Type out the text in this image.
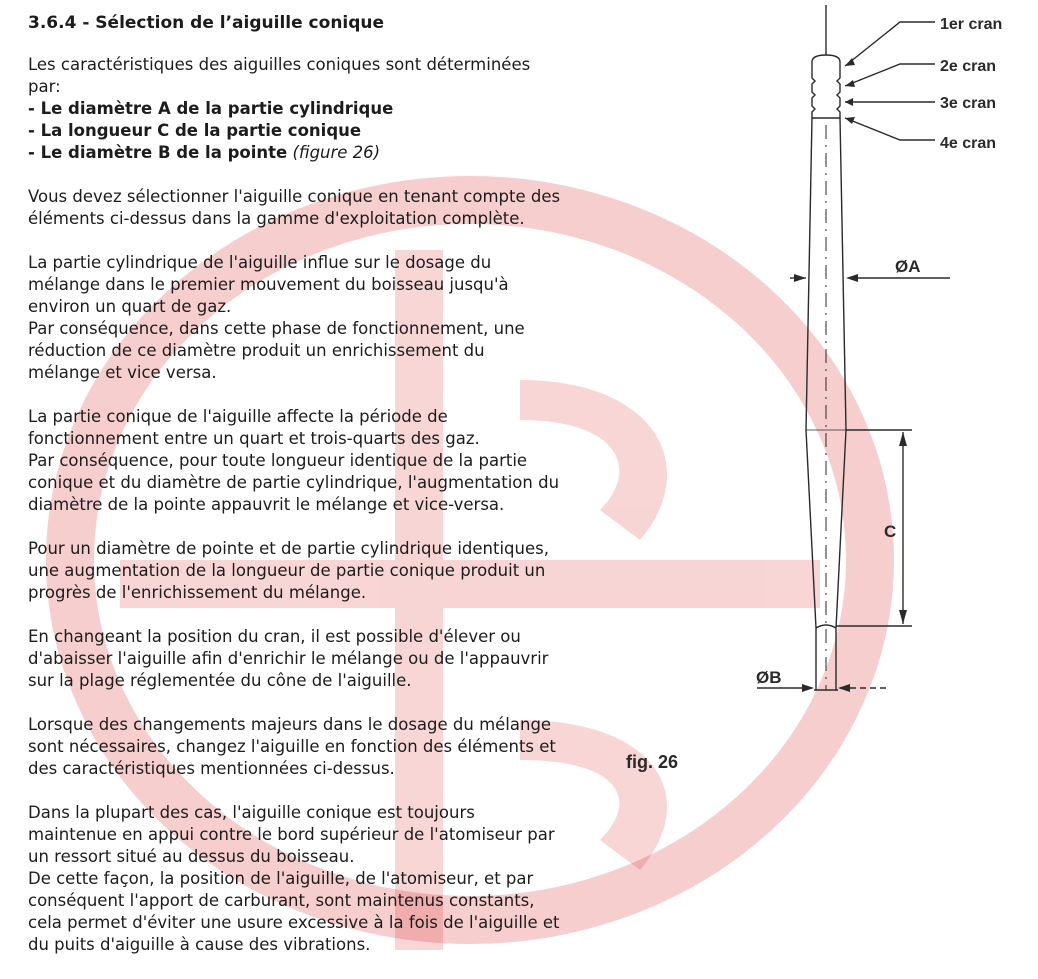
3.6.4 - Sélection de l’aiguille conique
Les caractéristiques des aiguilles coniques sont déterminées
par:
- Le diamètre A de la partie cylindrique
- La longueur C de la partie conique
- Le diamètre B de la pointe (figure 26)
Vous devez sélectionner l'aiguille conique en tenant compte des
éléments ci-dessus dans la gamme d'exploitation complète.
La partie cylindrique de l'aiguille influe sur le dosage du
mélange dans le premier mouvement du boisseau jusqu'à
environ un quart de gaz.
Par conséquence, dans cette phase de fonctionnement, une
réduction de ce diamètre produit un enrichissement du
mélange et vice versa.
La partie conique de l'aiguille affecte la période de
fonctionnement entre un quart et trois-quarts des gaz.
Par conséquence, pour toute longueur identique de la partie
conique et du diamètre de partie cylindrique, l'augmentation du
diamètre de la pointe appauvrit le mélange et vice-versa.
Pour un diamètre de pointe et de partie cylindrique identiques,
une augmentation de la longueur de partie conique produit un
progrès de l'enrichissement du mélange.
En changeant la position du cran, il est possible d'élever ou
d'abaisser l'aiguille afin d'enrichir le mélange ou de l'appauvrir
sur la plage réglementée du cône de l'aiguille.
Lorsque des changements majeurs dans le dosage du mélange
sont nécessaires, changez l'aiguille en fonction des éléments et
des caractéristiques mentionnées ci-dessus.
Dans la plupart des cas, l'aiguille conique est toujours
maintenue en appui contre le bord supérieur de l'atomiseur par
un ressort situé au dessus du boisseau.
De cette façon, la position de l'aiguille, de l'atomiseur, et par
conséquent l'apport de carburant, sont maintenus constants,
cela permet d'éviter une usure excessive à la fois de l'aiguille et
du puits d'aiguille à cause des vibrations.
1er cran
2e cran
3e cran
4e cran
ØA
C
ØB
fig. 26
